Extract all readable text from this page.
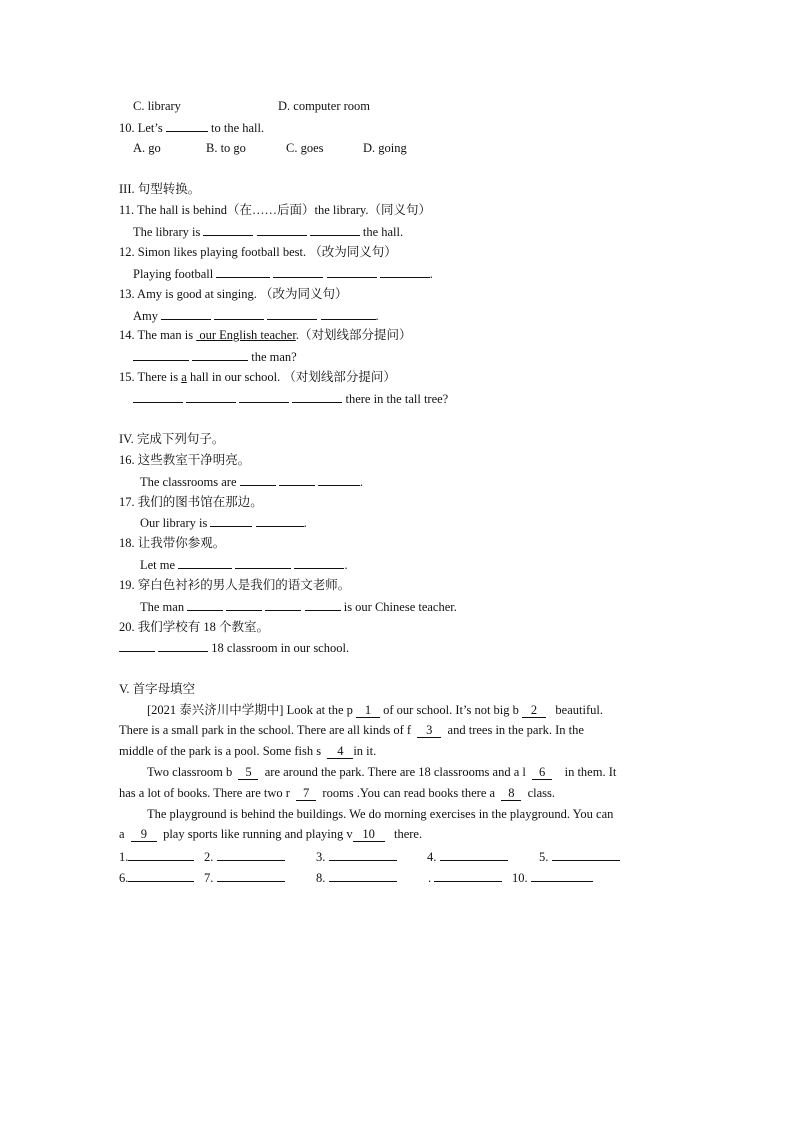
C. library	D. computer room
10. Let’s	to the hall.
A. go	B. to go	C. goes	D. going
III. 句型转换。
11. The hall is behind（在……后面）the library.（同义句）
The library is	the hall.
12. Simon likes playing football best. （改为同义句）
Playing football	.
13. Amy is good at singing. （改为同义句）
Amy	.
14. The man is  our English teacher.（对划线部分提问）
the man?
15. There is a hall in our school. （对划线部分提问）
there in the tall tree?
IV. 完成下列句子。
16. 这些教室干净明亮。
The classrooms are	.
17. 我们的图书馆在那边。
Our library is	.
18. 让我带你参观。
Let me	.
19. 穿白色衬衫的男人是我们的语文老师。
The man	is our Chinese teacher.
20. 我们学校有 18 个教室。
18 classroom in our school.
V. 首字母填空
[2021 泰兴济川中学期中] Look at the p 1 of our school. It’s not big b 2 beautiful.
There is a small park in the school. There are all kinds of f 3 and trees in the park. In the
middle of the park is a pool. Some fish s 4 in it.
Two classroom b 5 are around the park. There are 18 classrooms and a l 6 in them. It
has a lot of books. There are two r 7 rooms .You can read books there a 8 class.
The playground is behind the buildings. We do morning exercises in the playground. You can
a 9 play sports like running and playing v 10 there.
1.	2.	3.	4.	5.
6.	7.	8.	.	10.
